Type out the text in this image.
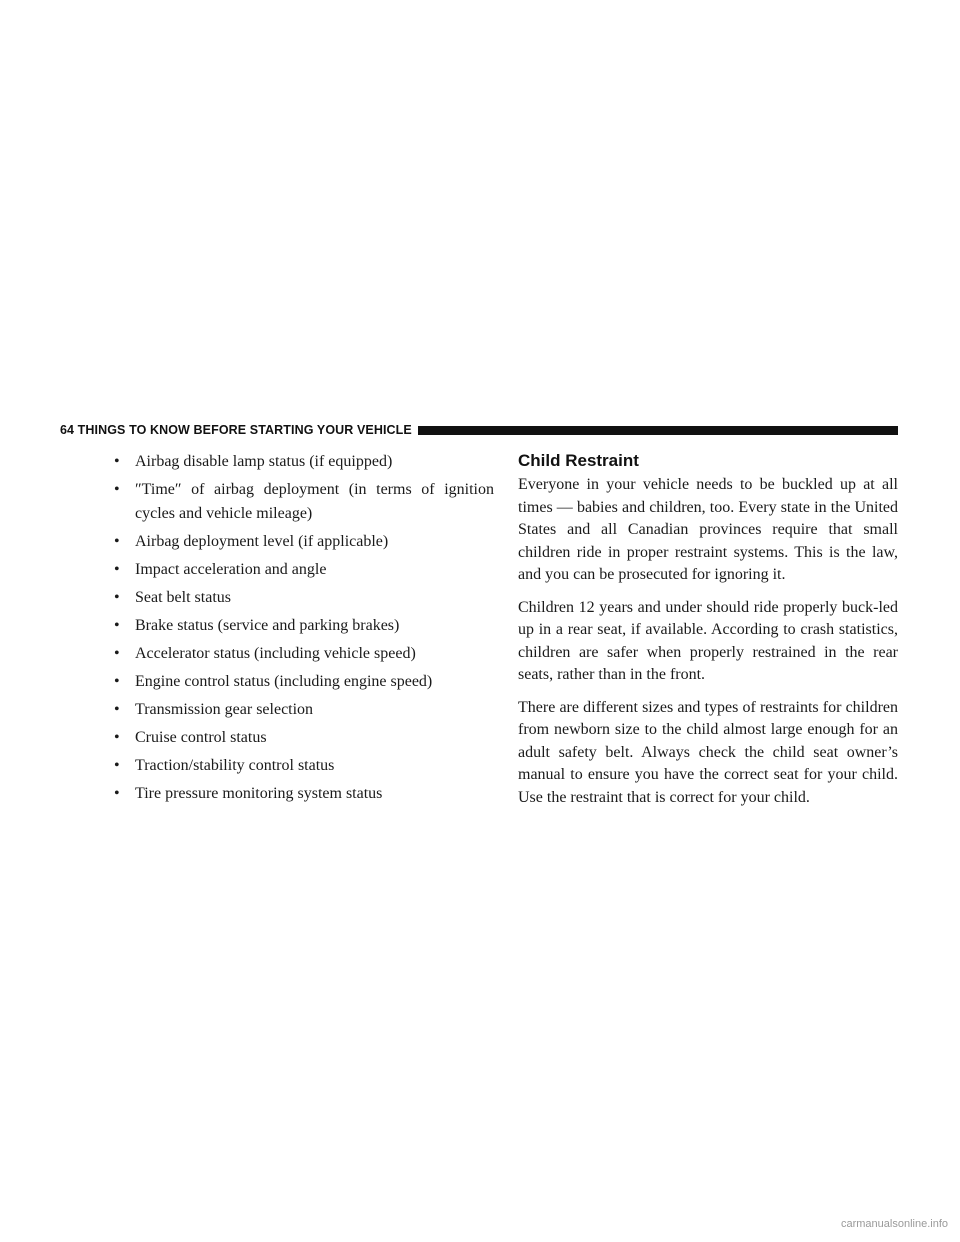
64 THINGS TO KNOW BEFORE STARTING YOUR VEHICLE
• Airbag disable lamp status (if equipped)
• ″Time″ of airbag deployment (in terms of ignition cycles and vehicle mileage)
• Airbag deployment level (if applicable)
• Impact acceleration and angle
• Seat belt status
• Brake status (service and parking brakes)
• Accelerator status (including vehicle speed)
• Engine control status (including engine speed)
• Transmission gear selection
• Cruise control status
• Traction/stability control status
• Tire pressure monitoring system status
Child Restraint

Everyone in your vehicle needs to be buckled up at all times — babies and children, too. Every state in the United States and all Canadian provinces require that small children ride in proper restraint systems. This is the law, and you can be prosecuted for ignoring it.

Children 12 years and under should ride properly buck-led up in a rear seat, if available. According to crash statistics, children are safer when properly restrained in the rear seats, rather than in the front.

There are different sizes and types of restraints for children from newborn size to the child almost large enough for an adult safety belt. Always check the child seat owner’s manual to ensure you have the correct seat for your child. Use the restraint that is correct for your child.

carmanualsonline.info
